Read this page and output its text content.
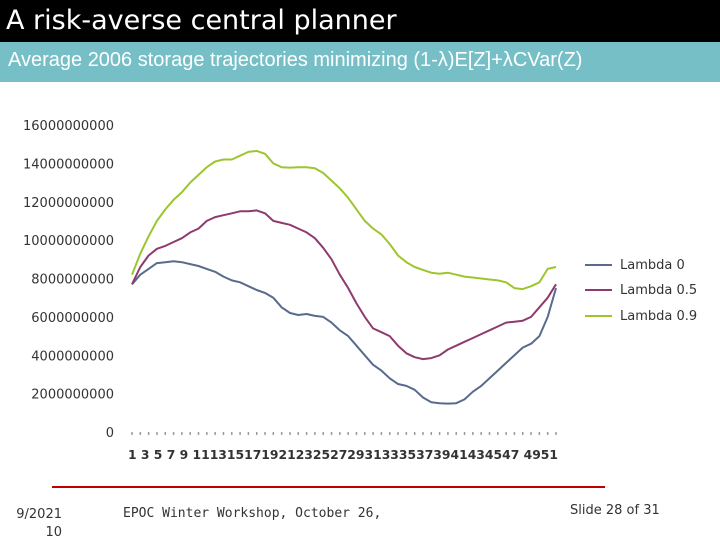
A risk-averse central planner
Average 2006 storage trajectories minimizing (1-λ)E[Z]+λCVar(Z)
0
2000000000
4000000000
6000000000
8000000000
10000000000
12000000000
14000000000
16000000000
1 3 5 7 9 11131517192123252729313335373941434547 4951
Lambda 0
Lambda 0.5
Lambda 0.9
9/2021 10
EPOC Winter Workshop, October 26,	Slide 28 of 31
